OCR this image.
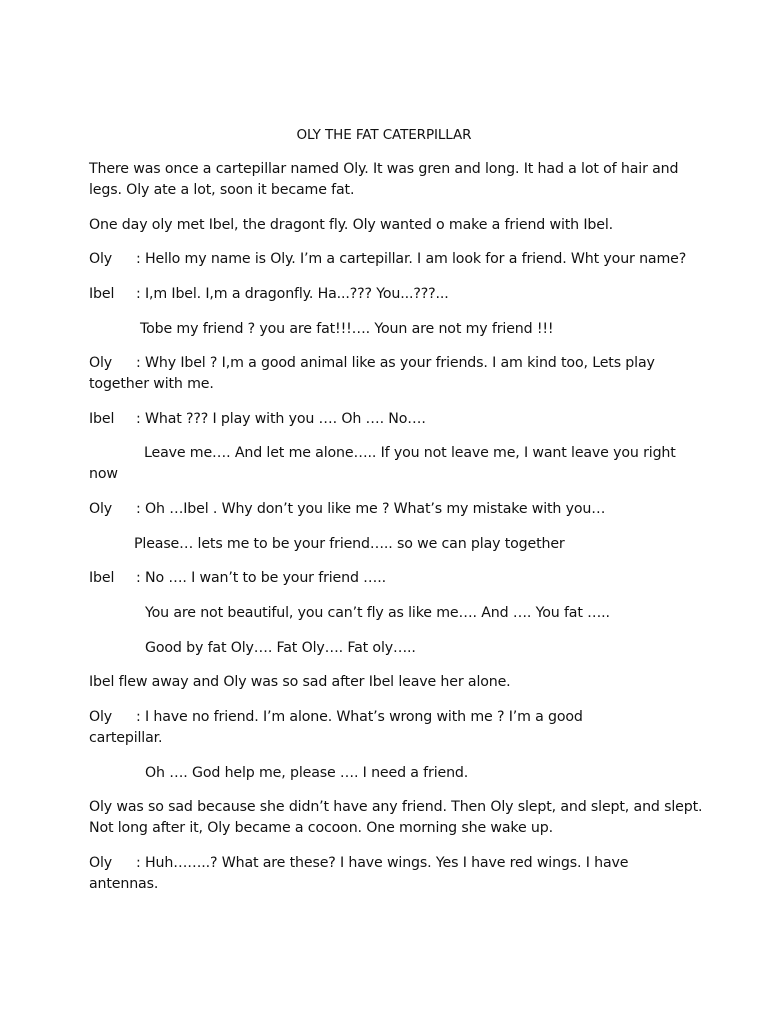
OLY THE FAT CATERPILLAR
There was once a cartepillar named Oly. It was gren and long. It had a lot of hair and
legs. Oly ate a lot, soon it became fat.
One day oly met Ibel, the dragont fly. Oly wanted o make a friend with Ibel.
Oly : Hello my name is Oly. I’m a cartepillar. I am look for a friend. Wht your name?
Ibel : I,m Ibel. I,m a dragonfly. Ha...??? You...???...
Tobe my friend ? you are fat!!!…. Youn are not my friend !!!
Oly : Why Ibel ? I,m a good animal like as your friends. I am kind too, Lets play
together with me.
Ibel : What ??? I play with you …. Oh …. No….
Leave me…. And let me alone….. If you not leave me, I want leave you right
now
Oly : Oh …Ibel . Why don’t you like me ? What’s my mistake with you…
Please… lets me to be your friend….. so we can play together
Ibel : No …. I wan’t to be your friend …..
You are not beautiful, you can’t fly as like me…. And …. You fat …..
Good by fat Oly…. Fat Oly…. Fat oly…..
Ibel flew away and Oly was so sad after Ibel leave her alone.
Oly : I have no friend. I’m alone. What’s wrong with me ? I’m a good
cartepillar.
Oh …. God help me, please …. I need a friend.
Oly was so sad because she didn’t have any friend. Then Oly slept, and slept, and slept.
Not long after it, Oly became a cocoon. One morning she wake up.
Oly : Huh……..? What are these? I have wings. Yes I have red wings. I have
antennas.
